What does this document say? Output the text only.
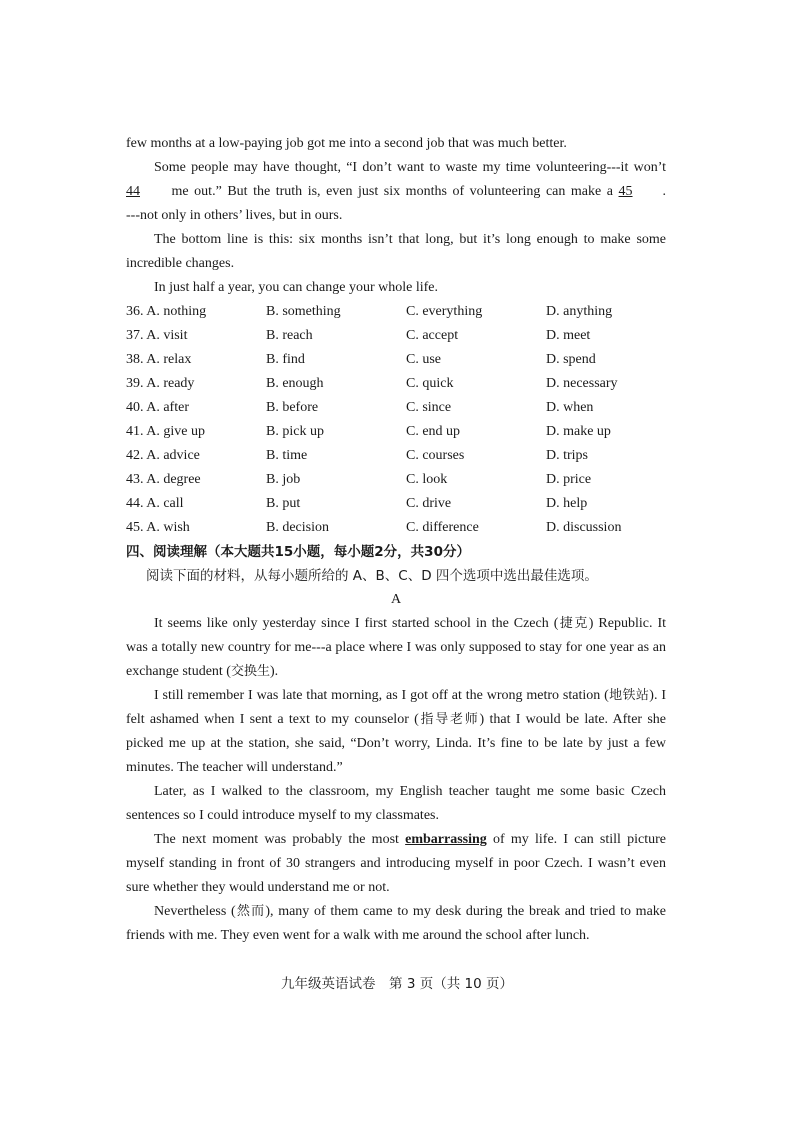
few months at a low-paying job got me into a second job that was much better.
Some people may have thought, “I don’t want to waste my time volunteering---it won’t
44 me out.” But the truth is, even just six months of volunteering can make a 45 .
---not only in others’ lives, but in ours.
The bottom line is this: six months isn’t that long, but it’s long enough to make some
incredible changes.
In just half a year, you can change your whole life.
36. A. nothing	B. something	C. everything	D. anything
37. A. visit	B. reach	C. accept	D. meet
38. A. relax	B. find	C. use	D. spend
39. A. ready	B. enough	C. quick	D. necessary
40. A. after	B. before	C. since	D. when
41. A. give up	B. pick up	C. end up	D. make up
42. A. advice	B. time	C. courses	D. trips
43. A. degree	B. job	C. look	D. price
44. A. call	B. put	C. drive	D. help
45. A. wish	B. decision	C. difference	D. discussion
四、阅读理解（本大题共15小题，每小题2分，共30分）
阅读下面的材料，从每小题所给的 A、B、C、D 四个选项中选出最佳选项。
A
It seems like only yesterday since I first started school in the Czech (捷克) Republic. It
was a totally new country for me---a place where I was only supposed to stay for one year as an
exchange student (交换生).
I still remember I was late that morning, as I got off at the wrong metro station (地铁站). I
felt ashamed when I sent a text to my counselor (指导老师) that I would be late. After she
picked me up at the station, she said, “Don’t worry, Linda. It’s fine to be late by just a few
minutes. The teacher will understand.”
Later, as I walked to the classroom, my English teacher taught me some basic Czech
sentences so I could introduce myself to my classmates.
The next moment was probably the most embarrassing of my life. I can still picture
myself standing in front of 30 strangers and introducing myself in poor Czech. I wasn’t even
sure whether they would understand me or not.
Nevertheless (然而), many of them came to my desk during the break and tried to make
friends with me. They even went for a walk with me around the school after lunch.
九年级英语试卷　第 3 页（共 10 页）
